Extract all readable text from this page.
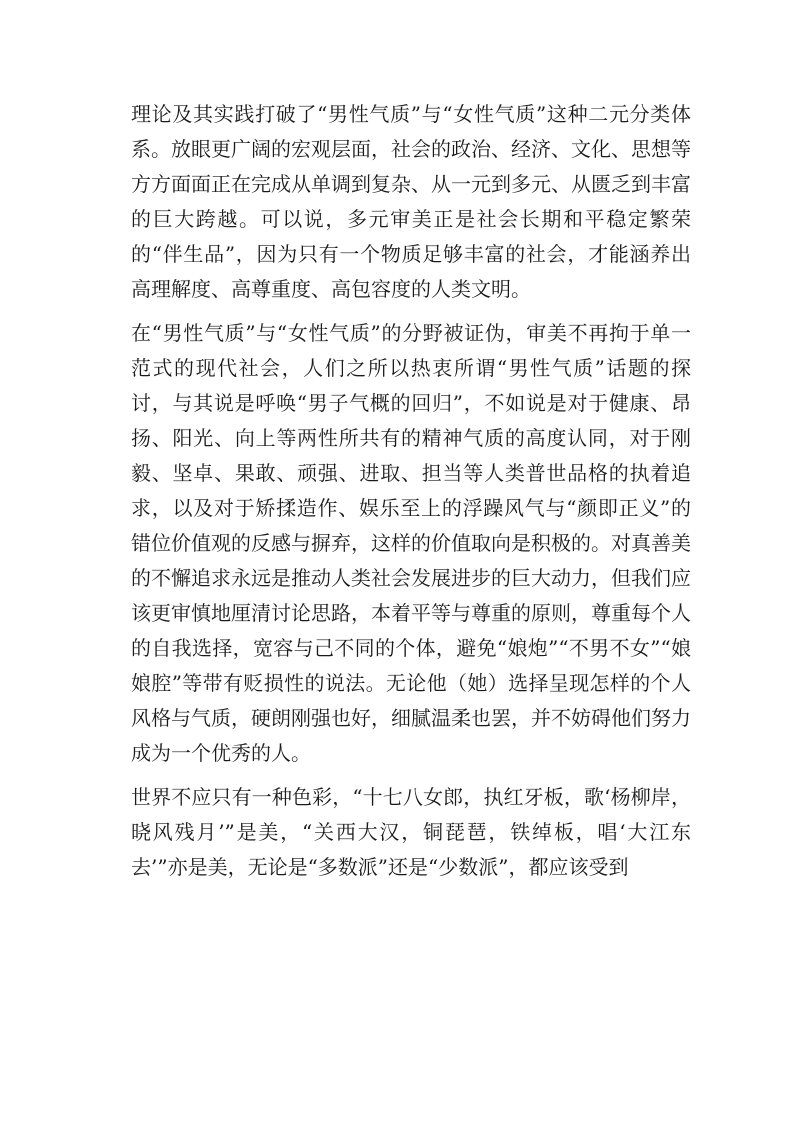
理论及其实践打破了“男性气质”与“女性气质”这种二元分类体系。放眼更广阔的宏观层面，社会的政治、经济、文化、思想等方方面面正在完成从单调到复杂、从一元到多元、从匮乏到丰富的巨大跨越。可以说，多元审美正是社会长期和平稳定繁荣的“伴生品”，因为只有一个物质足够丰富的社会，才能涵养出高理解度、高尊重度、高包容度的人类文明。

在“男性气质”与“女性气质”的分野被证伪，审美不再拘于单一范式的现代社会，人们之所以热衷所谓“男性气质”话题的探讨，与其说是呼唤“男子气概的回归”，不如说是对于健康、昂扬、阳光、向上等两性所共有的精神气质的高度认同，对于刚毅、坚卓、果敢、顽强、进取、担当等人类普世品格的执着追求，以及对于矫揉造作、娱乐至上的浮躁风气与“颜即正义”的错位价值观的反感与摒弃，这样的价值取向是积极的。对真善美的不懈追求永远是推动人类社会发展进步的巨大动力，但我们应该更审慎地厘清讨论思路，本着平等与尊重的原则，尊重每个人的自我选择，宽容与己不同的个体，避免“娘炮”“不男不女”“娘娘腔”等带有贬损性的说法。无论他（她）选择呈现怎样的个人风格与气质，硬朗刚强也好，细腻温柔也罢，并不妨碍他们努力成为一个优秀的人。

世界不应只有一种色彩，“十七八女郎，执红牙板，歌‘杨柳岸，晓风残月’”是美，“关西大汉，铜琵琶，铁绰板，唱‘大江东去’”亦是美，无论是“多数派”还是“少数派”，都应该受到
